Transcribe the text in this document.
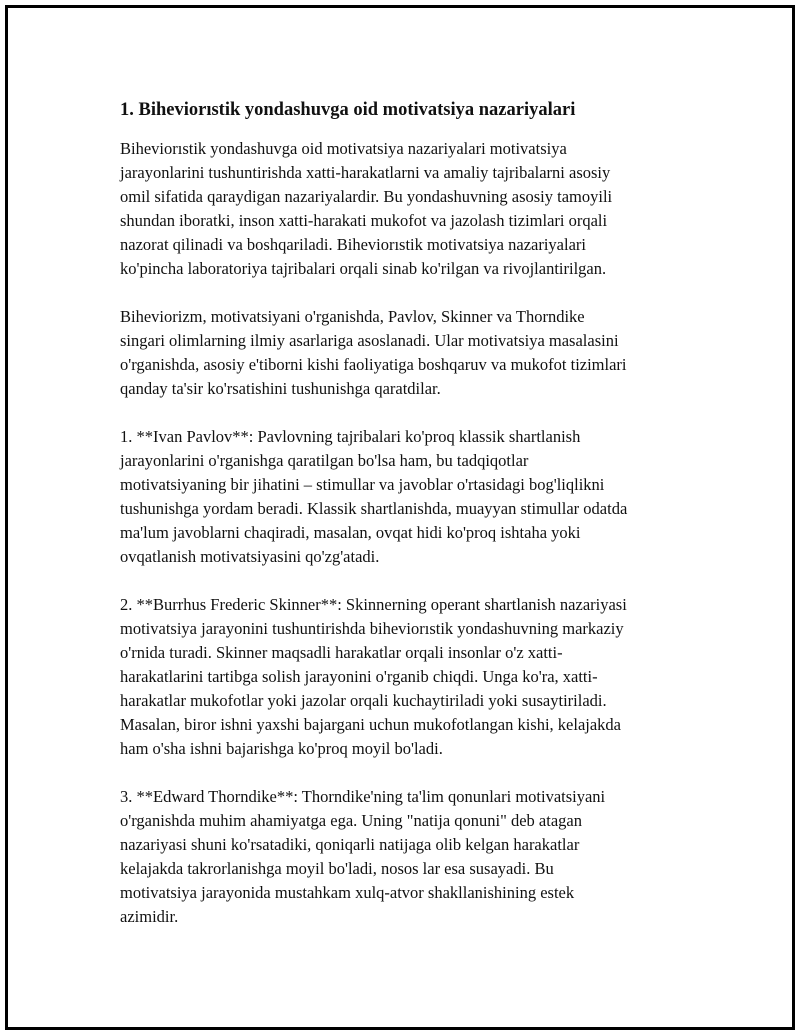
1. Biheviorıstik yondashuvga oid motivatsiya nazariyalari

Biheviorıstik yondashuvga oid motivatsiya nazariyalari motivatsiya
jarayonlarini tushuntirishda xatti-harakatlarni va amaliy tajribalarni asosiy
omil sifatida qaraydigan nazariyalardir. Bu yondashuvning asosiy tamoyili
shundan iboratki, inson xatti-harakati mukofot va jazolash tizimlari orqali
nazorat qilinadi va boshqariladi. Biheviorıstik motivatsiya nazariyalari
ko'pincha laboratoriya tajribalari orqali sinab ko'rilgan va rivojlantirilgan.

Biheviorizm, motivatsiyani o'rganishda, Pavlov, Skinner va Thorndike
singari olimlarning ilmiy asarlariga asoslanadi. Ular motivatsiya masalasini
o'rganishda, asosiy e'tiborni kishi faoliyatiga boshqaruv va mukofot tizimlari
qanday ta'sir ko'rsatishini tushunishga qaratdilar.

1. **Ivan Pavlov**: Pavlovning tajribalari ko'proq klassik shartlanish
jarayonlarini o'rganishga qaratilgan bo'lsa ham, bu tadqiqotlar
motivatsiyaning bir jihatini – stimullar va javoblar o'rtasidagi bog'liqlikni
tushunishga yordam beradi. Klassik shartlanishda, muayyan stimullar odatda
ma'lum javoblarni chaqiradi, masalan, ovqat hidi ko'proq ishtaha yoki
ovqatlanish motivatsiyasini qo'zg'atadi.

2. **Burrhus Frederic Skinner**: Skinnerning operant shartlanish nazariyasi
motivatsiya jarayonini tushuntirishda biheviorıstik yondashuvning markaziy
o'rnida turadi. Skinner maqsadli harakatlar orqali insonlar o'z xatti-
harakatlarini tartibga solish jarayonini o'rganib chiqdi. Unga ko'ra, xatti-
harakatlar mukofotlar yoki jazolar orqali kuchaytiriladi yoki susaytiriladi.
Masalan, biror ishni yaxshi bajargani uchun mukofotlangan kishi, kelajakda
ham o'sha ishni bajarishga ko'proq moyil bo'ladi.

3. **Edward Thorndike**: Thorndike'ning ta'lim qonunlari motivatsiyani
o'rganishda muhim ahamiyatga ega. Uning "natija qonuni" deb atagan
nazariyasi shuni ko'rsatadiki, qoniqarli natijaga olib kelgan harakatlar
kelajakda takrorlanishga moyil bo'ladi, nosos lar esa susayadi. Bu
motivatsiya jarayonida mustahkam xulq-atvor shakllanishining estek
azimidir.
